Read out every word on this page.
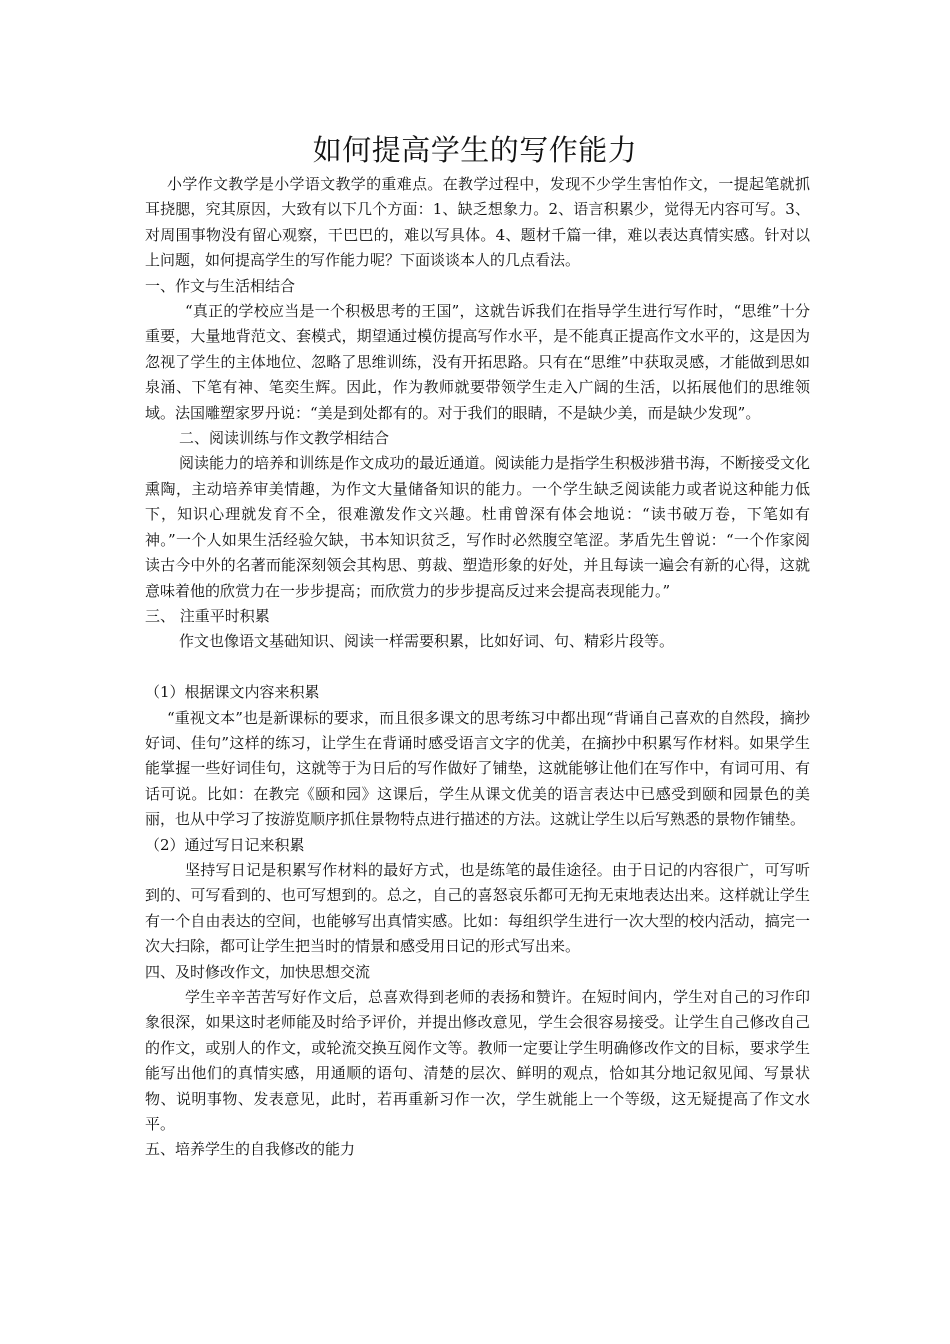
如何提高学生的写作能力

小学作文教学是小学语文教学的重难点。在教学过程中，发现不少学生害怕作文，一提起笔就抓耳挠腮，究其原因，大致有以下几个方面：1、缺乏想象力。2、语言积累少，觉得无内容可写。3、对周围事物没有留心观察，干巴巴的，难以写具体。4、题材千篇一律，难以表达真情实感。针对以上问题，如何提高学生的写作能力呢？下面谈谈本人的几点看法。

一、作文与生活相结合

“真正的学校应当是一个积极思考的王国”，这就告诉我们在指导学生进行写作时，“思维”十分重要，大量地背范文、套模式，期望通过模仿提高写作水平，是不能真正提高作文水平的，这是因为忽视了学生的主体地位、忽略了思维训练，没有开拓思路。只有在“思维”中获取灵感，才能做到思如泉涌、下笔有神、笔奕生辉。因此，作为教师就要带领学生走入广阔的生活，以拓展他们的思维领域。法国雕塑家罗丹说：“美是到处都有的。对于我们的眼睛，不是缺少美，而是缺少发现”。

二、阅读训练与作文教学相结合

阅读能力的培养和训练是作文成功的最近通道。阅读能力是指学生积极涉猎书海，不断接受文化熏陶，主动培养审美情趣，为作文大量储备知识的能力。一个学生缺乏阅读能力或者说这种能力低下，知识心理就发育不全，很难激发作文兴趣。杜甫曾深有体会地说：“读书破万卷，下笔如有神。”一个人如果生活经验欠缺，书本知识贫乏，写作时必然腹空笔涩。茅盾先生曾说：“一个作家阅读古今中外的名著而能深刻领会其构思、剪裁、塑造形象的好处，并且每读一遍会有新的心得，这就意味着他的欣赏力在一步步提高；而欣赏力的步步提高反过来会提高表现能力。”

三、 注重平时积累

作文也像语文基础知识、阅读一样需要积累，比如好词、句、精彩片段等。

（1）根据课文内容来积累

“重视文本”也是新课标的要求，而且很多课文的思考练习中都出现“背诵自己喜欢的自然段，摘抄好词、佳句”这样的练习，让学生在背诵时感受语言文字的优美，在摘抄中积累写作材料。如果学生能掌握一些好词佳句，这就等于为日后的写作做好了铺垫，这就能够让他们在写作中，有词可用、有话可说。比如：在教完《颐和园》这课后，学生从课文优美的语言表达中已感受到颐和园景色的美丽，也从中学习了按游览顺序抓住景物特点进行描述的方法。这就让学生以后写熟悉的景物作铺垫。

（2）通过写日记来积累

坚持写日记是积累写作材料的最好方式，也是练笔的最佳途径。由于日记的内容很广，可写听到的、可写看到的、也可写想到的。总之，自己的喜怒哀乐都可无拘无束地表达出来。这样就让学生有一个自由表达的空间，也能够写出真情实感。比如：每组织学生进行一次大型的校内活动，搞完一次大扫除，都可让学生把当时的情景和感受用日记的形式写出来。

四、及时修改作文，加快思想交流

学生辛辛苦苦写好作文后，总喜欢得到老师的表扬和赞许。在短时间内，学生对自己的习作印象很深，如果这时老师能及时给予评价，并提出修改意见，学生会很容易接受。让学生自己修改自己的作文，或别人的作文，或轮流交换互阅作文等。教师一定要让学生明确修改作文的目标，要求学生能写出他们的真情实感，用通顺的语句、清楚的层次、鲜明的观点，恰如其分地记叙见闻、写景状物、说明事物、发表意见，此时，若再重新习作一次，学生就能上一个等级，这无疑提高了作文水平。

五、培养学生的自我修改的能力
